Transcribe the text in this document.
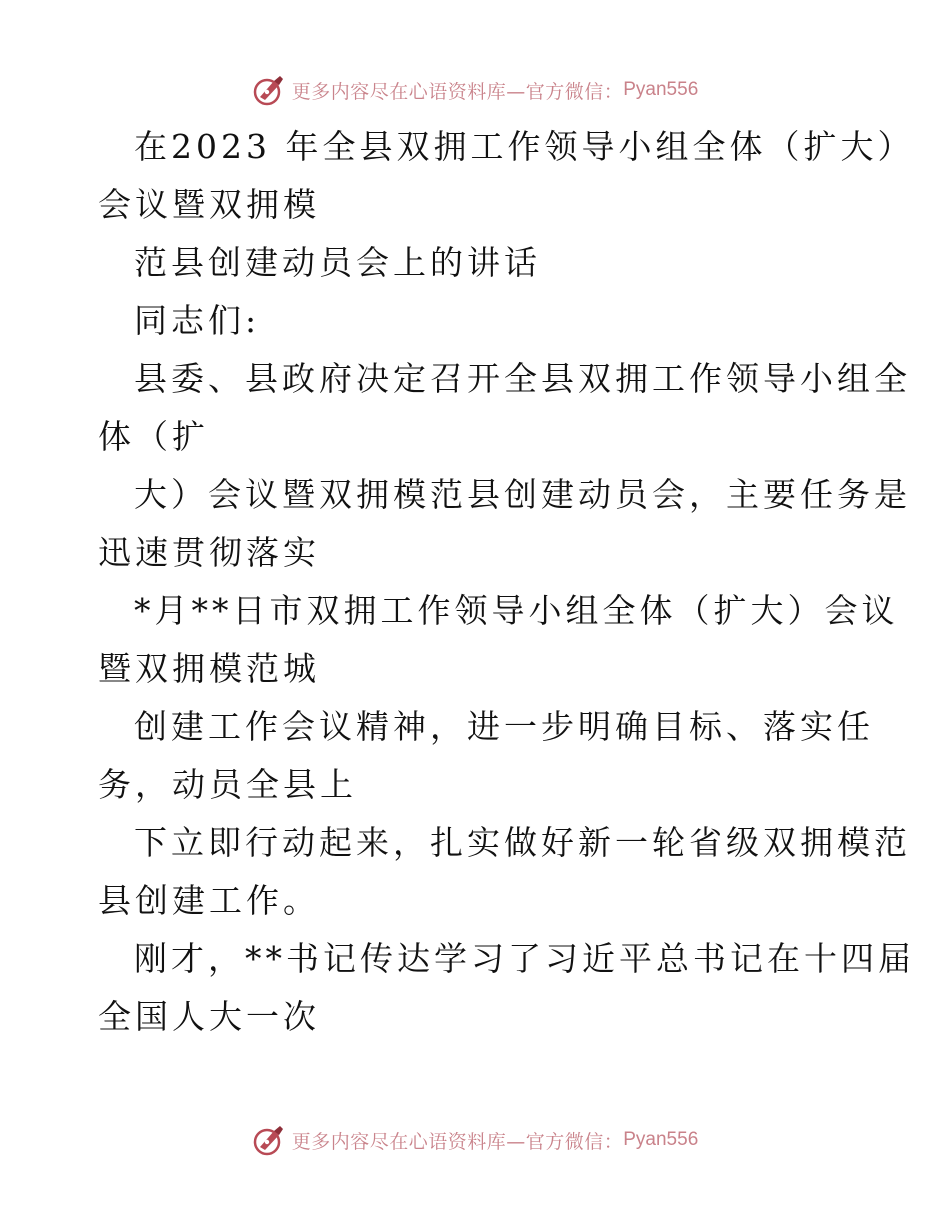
更多内容尽在心语资料库—官方微信： Pyan556
在2023 年全县双拥工作领导小组全体（扩大）
会议暨双拥模
范县创建动员会上的讲话
同志们:
县委、县政府决定召开全县双拥工作领导小组全
体（扩
大）会议暨双拥模范县创建动员会，主要任务是
迅速贯彻落实
*月**日市双拥工作领导小组全体（扩大）会议
暨双拥模范城
创建工作会议精神，进一步明确目标、落实任
务，动员全县上
下立即行动起来，扎实做好新一轮省级双拥模范
县创建工作。
刚才，**书记传达学习了习近平总书记在十四届
全国人大一次
更多内容尽在心语资料库—官方微信： Pyan556
